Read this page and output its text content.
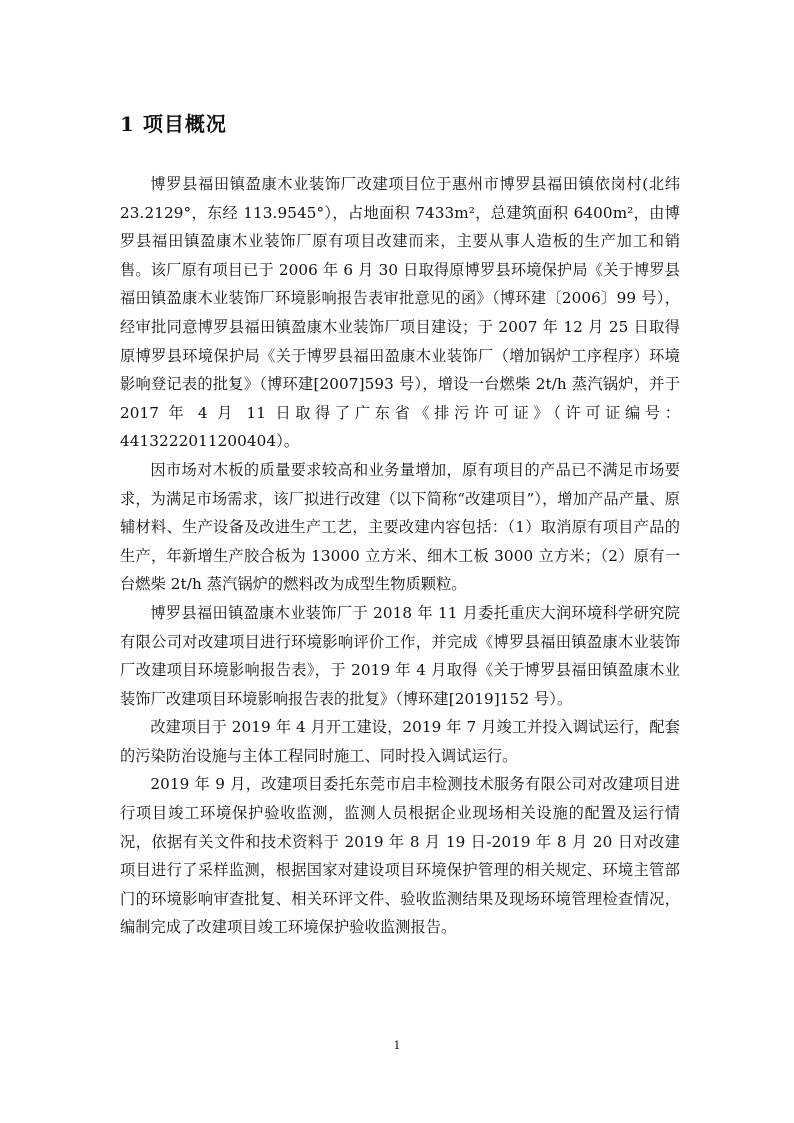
1 项目概况

博罗县福田镇盈康木业装饰厂改建项目位于惠州市博罗县福田镇依岗村(北纬 23.2129°，东经 113.9545°），占地面积 7433m²，总建筑面积 6400m²，由博罗县福田镇盈康木业装饰厂原有项目改建而来，主要从事人造板的生产加工和销售。该厂原有项目已于 2006 年 6 月 30 日取得原博罗县环境保护局《关于博罗县福田镇盈康木业装饰厂环境影响报告表审批意见的函》（博环建〔2006〕99 号），经审批同意博罗县福田镇盈康木业装饰厂项目建设；于 2007 年 12 月 25 日取得原博罗县环境保护局《关于博罗县福田盈康木业装饰厂（增加锅炉工序程序）环境影响登记表的批复》（博环建[2007]593 号），增设一台燃柴 2t/h 蒸汽锅炉，并于 2017 年 4 月 11 日取得了广东省《排污许可证》（许可证编号：4413222011200404）。

因市场对木板的质量要求较高和业务量增加，原有项目的产品已不满足市场要求，为满足市场需求，该厂拟进行改建（以下简称“改建项目”），增加产品产量、原辅材料、生产设备及改进生产工艺，主要改建内容包括：（1）取消原有项目产品的生产，年新增生产胶合板为 13000 立方米、细木工板 3000 立方米；（2）原有一台燃柴 2t/h 蒸汽锅炉的燃料改为成型生物质颗粒。

博罗县福田镇盈康木业装饰厂于 2018 年 11 月委托重庆大润环境科学研究院有限公司对改建项目进行环境影响评价工作，并完成《博罗县福田镇盈康木业装饰厂改建项目环境影响报告表》，于 2019 年 4 月取得《关于博罗县福田镇盈康木业装饰厂改建项目环境影响报告表的批复》（博环建[2019]152 号）。

改建项目于 2019 年 4 月开工建设，2019 年 7 月竣工并投入调试运行，配套的污染防治设施与主体工程同时施工、同时投入调试运行。

2019 年 9 月，改建项目委托东莞市启丰检测技术服务有限公司对改建项目进行项目竣工环境保护验收监测，监测人员根据企业现场相关设施的配置及运行情况，依据有关文件和技术资料于 2019 年 8 月 19 日-2019 年 8 月 20 日对改建项目进行了采样监测，根据国家对建设项目环境保护管理的相关规定、环境主管部门的环境影响审查批复、相关环评文件、验收监测结果及现场环境管理检查情况，编制完成了改建项目竣工环境保护验收监测报告。

1
